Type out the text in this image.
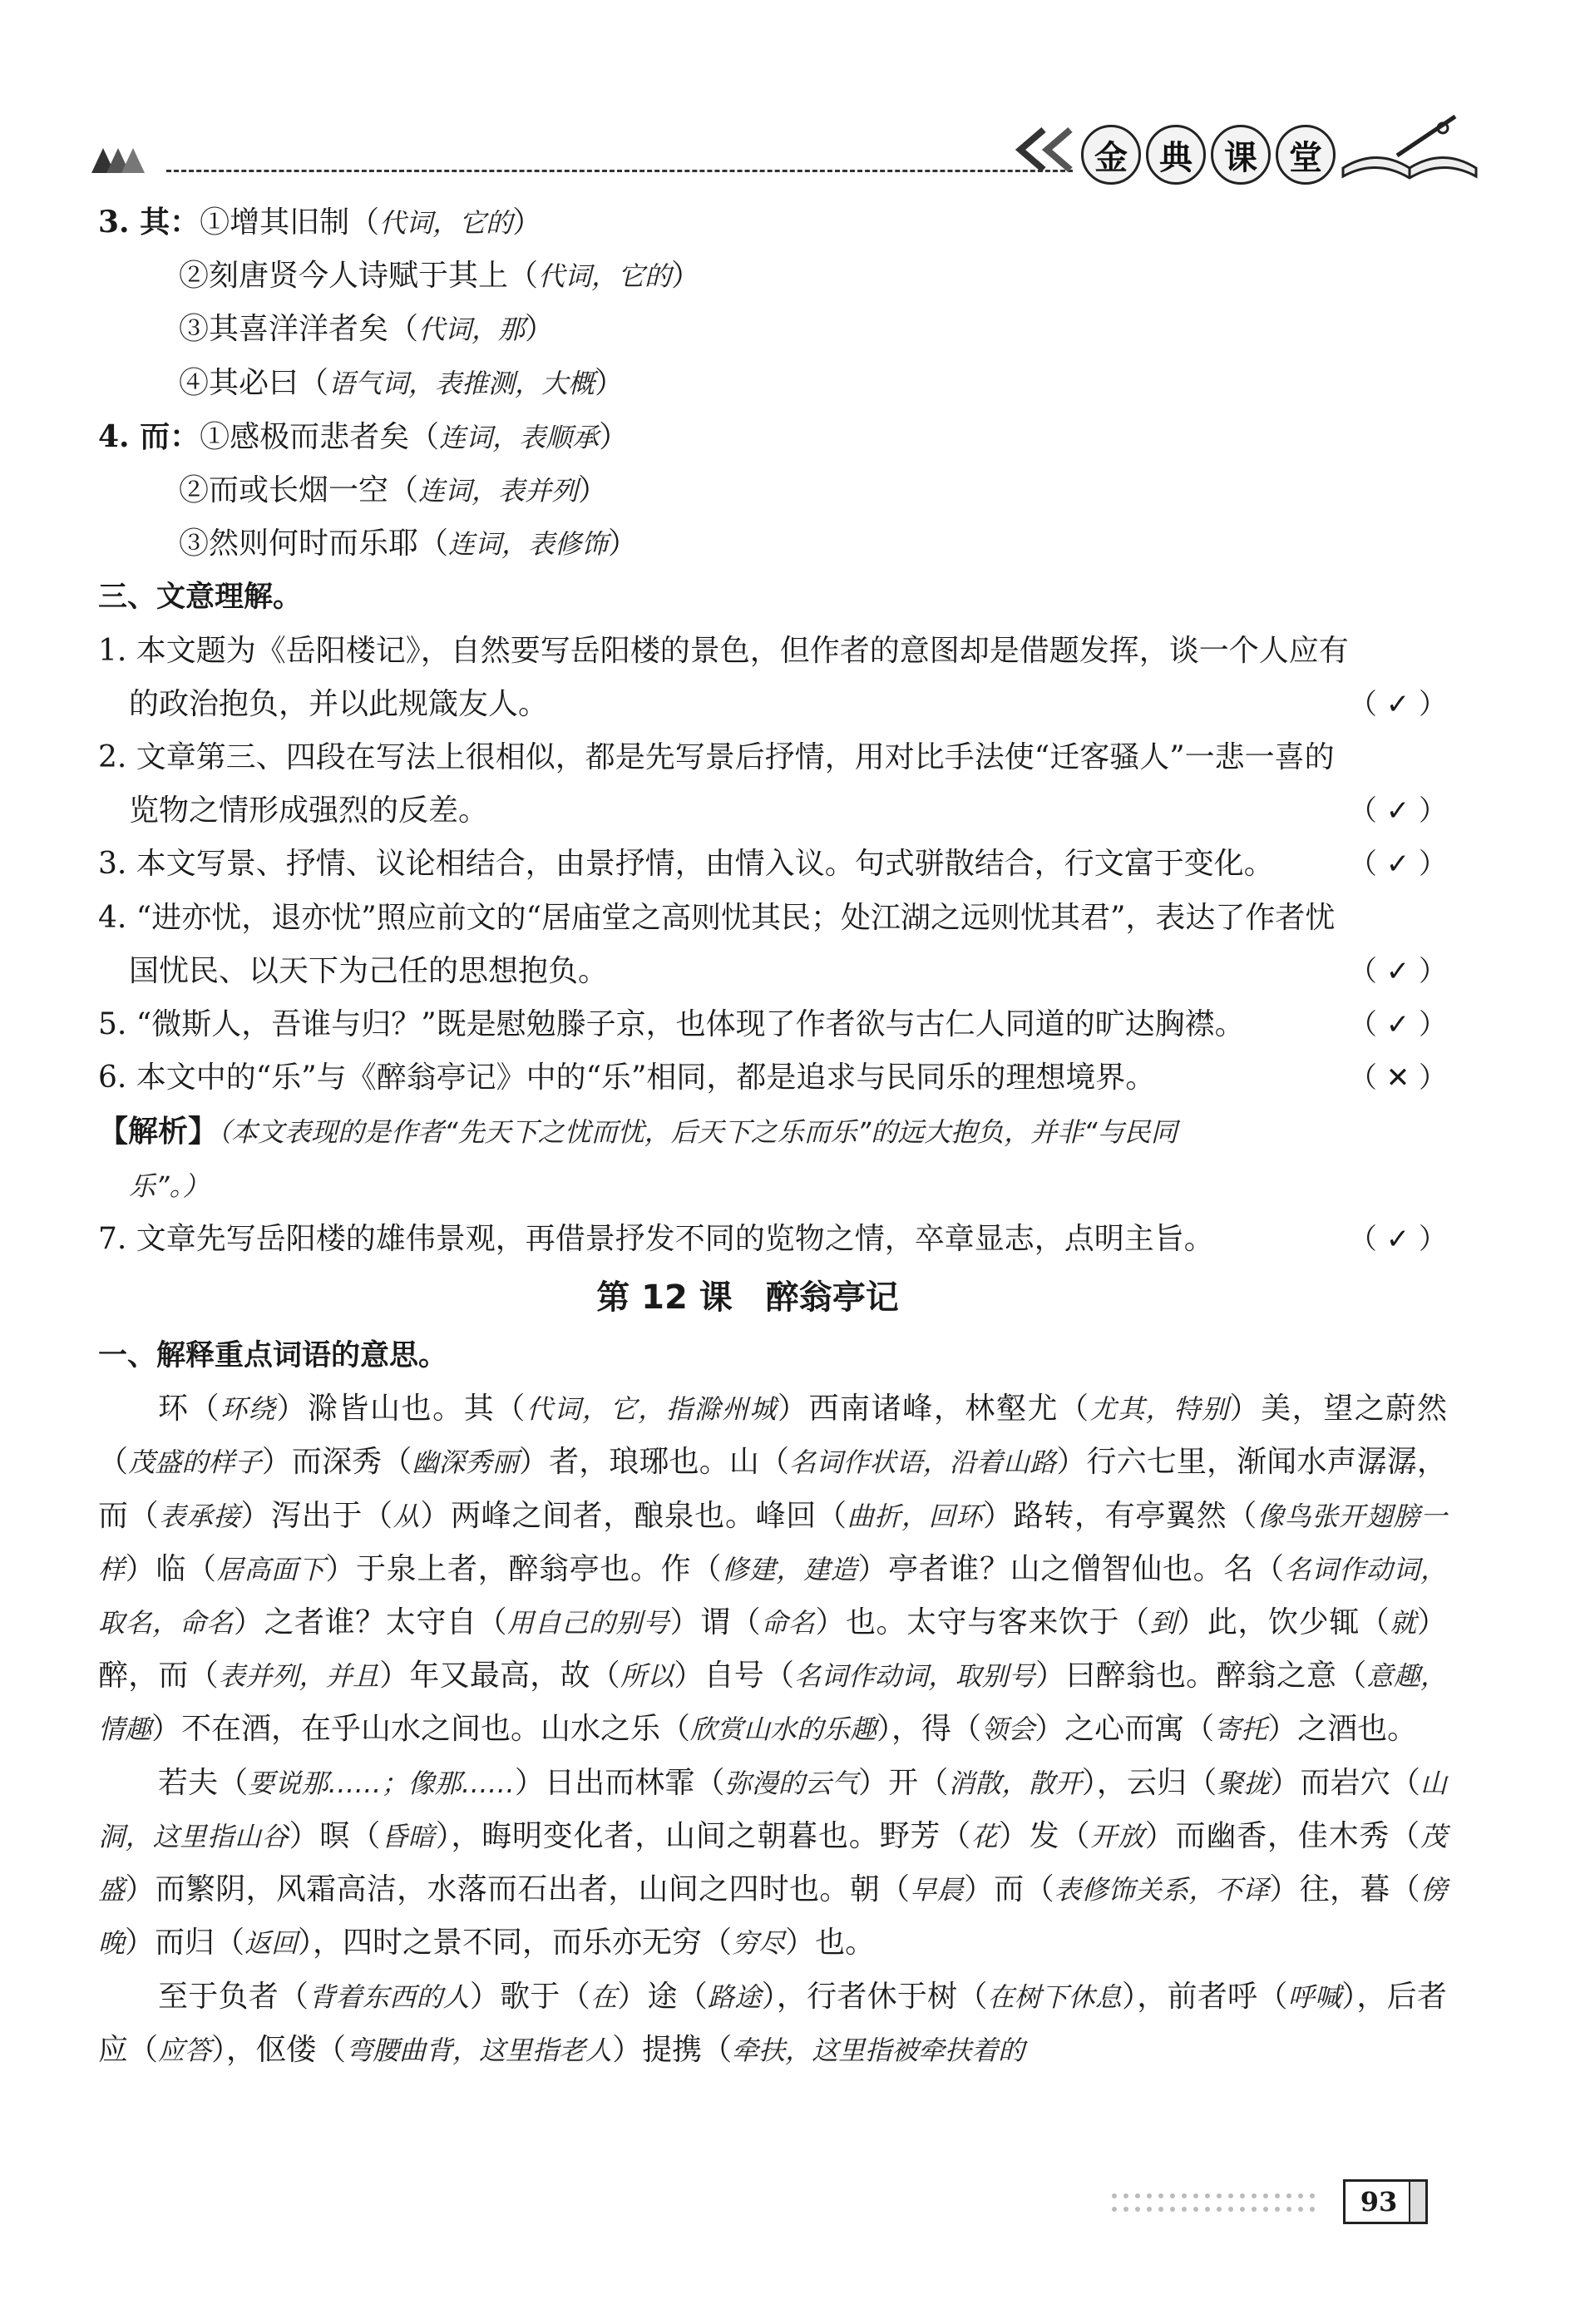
金 典 课 堂
3. 其：①增其旧制（代词，它的）
②刻唐贤今人诗赋于其上（代词，它的）
③其喜洋洋者矣（代词，那）
④其必曰（语气词，表推测，大概）
4. 而：①感极而悲者矣（连词，表顺承）
②而或长烟一空（连词，表并列）
③然则何时而乐耶（连词，表修饰）
三、文意理解。
1. 本文题为《岳阳楼记》，自然要写岳阳楼的景色，但作者的意图却是借题发挥，谈一个人应有
的政治抱负，并以此规箴友人。	（ ✓ ）
2. 文章第三、四段在写法上很相似，都是先写景后抒情，用对比手法使“迁客骚人”一悲一喜的
览物之情形成强烈的反差。	（ ✓ ）
3. 本文写景、抒情、议论相结合，由景抒情，由情入议。句式骈散结合，行文富于变化。	（ ✓ ）
4. “进亦忧，退亦忧”照应前文的“居庙堂之高则忧其民；处江湖之远则忧其君”，表达了作者忧
国忧民、以天下为己任的思想抱负。	（ ✓ ）
5. “微斯人，吾谁与归？”既是慰勉滕子京，也体现了作者欲与古仁人同道的旷达胸襟。	（ ✓ ）
6. 本文中的“乐”与《醉翁亭记》中的“乐”相同，都是追求与民同乐的理想境界。	（ ✕ ）
【解析】（本文表现的是作者“先天下之忧而忧，后天下之乐而乐”的远大抱负，并非“与民同
乐”。）
7. 文章先写岳阳楼的雄伟景观，再借景抒发不同的览物之情，卒章显志，点明主旨。	（ ✓ ）
第 12 课　醉翁亭记
一、解释重点词语的意思。
环（环绕）滁皆山也。其（代词，它，指滁州城）西南诸峰，林壑尤（尤其，特别）美，望之蔚然（茂盛的样子）而深秀（幽深秀丽）者，琅琊也。山（名词作状语，沿着山路）行六七里，渐闻水声潺潺，而（表承接）泻出于（从）两峰之间者，酿泉也。峰回（曲折，回环）路转，有亭翼然（像鸟张开翅膀一样）临（居高面下）于泉上者，醉翁亭也。作（修建，建造）亭者谁？山之僧智仙也。名（名词作动词，取名，命名）之者谁？太守自（用自己的别号）谓（命名）也。太守与客来饮于（到）此，饮少辄（就）醉，而（表并列，并且）年又最高，故（所以）自号（名词作动词，取别号）曰醉翁也。醉翁之意（意趣，情趣）不在酒，在乎山水之间也。山水之乐（欣赏山水的乐趣），得（领会）之心而寓（寄托）之酒也。
若夫（要说那……；像那……）日出而林霏（弥漫的云气）开（消散，散开），云归（聚拢）而岩穴（山洞，这里指山谷）暝（昏暗），晦明变化者，山间之朝暮也。野芳（花）发（开放）而幽香，佳木秀（茂盛）而繁阴，风霜高洁，水落而石出者，山间之四时也。朝（早晨）而（表修饰关系，不译）往，暮（傍晚）而归（返回），四时之景不同，而乐亦无穷（穷尽）也。
至于负者（背着东西的人）歌于（在）途（路途），行者休于树（在树下休息），前者呼（呼喊），后者应（应答），伛偻（弯腰曲背，这里指老人）提携（牵扶，这里指被牵扶着的
93
